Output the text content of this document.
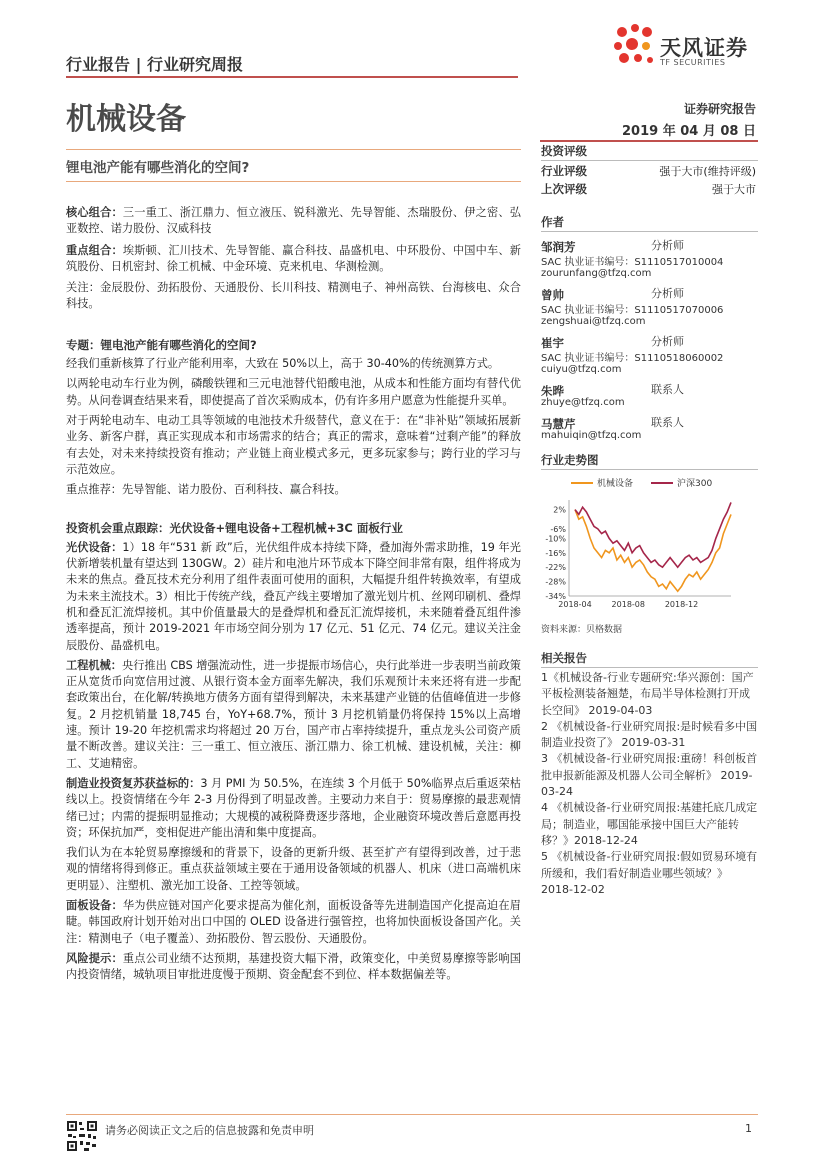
行业报告 | 行业研究周报
天风证券
TF SECURITIES
机械设备	证券研究报告
2019 年 04 月 08 日
锂电池产能有哪些消化的空间?

核心组合：三一重工、浙江鼎力、恒立液压、锐科激光、先导智能、杰瑞股份、伊之密、弘亚数控、诺力股份、汉威科技

重点组合：埃斯顿、汇川技术、先导智能、赢合科技、晶盛机电、中环股份、中国中车、新筑股份、日机密封、徐工机械、中金环境、克来机电、华测检测。

关注：金辰股份、劲拓股份、天通股份、长川科技、精测电子、神州高铁、台海核电、众合科技。

专题：锂电池产能有哪些消化的空间?

经我们重新核算了行业产能利用率，大致在 50%以上，高于 30-40%的传统测算方式。

以两轮电动车行业为例，磷酸铁锂和三元电池替代铅酸电池，从成本和性能方面均有替代优势。从问卷调查结果来看，即使提高了首次采购成本，仍有许多用户愿意为性能提升买单。

对于两轮电动车、电动工具等领域的电池技术升级替代，意义在于：在“非补贴”领域拓展新业务、新客户群，真正实现成本和市场需求的结合；真正的需求，意味着“过剩产能”的释放有去处，对未来持续投资有推动；产业链上商业模式多元，更多玩家参与；跨行业的学习与示范效应。

重点推荐：先导智能、诺力股份、百利科技、赢合科技。

投资机会重点跟踪：光伏设备+锂电设备+工程机械+3C 面板行业

光伏设备：1）18 年“531 新 政”后，光伏组件成本持续下降，叠加海外需求助推，19 年光伏新增装机量有望达到 130GW。2）硅片和电池片环节成本下降空间非常有限，组件将成为未来的焦点。叠瓦技术充分利用了组件表面可使用的面积，大幅提升组件转换效率，有望成为未来主流技术。3）相比于传统产线，叠瓦产线主要增加了激光划片机、丝网印刷机、叠焊机和叠瓦汇流焊接机。其中价值量最大的是叠焊机和叠瓦汇流焊接机，未来随着叠瓦组件渗透率提高，预计 2019-2021 年市场空间分别为 17 亿元、51 亿元、74 亿元。建议关注金辰股份、晶盛机电。

工程机械：央行推出 CBS 增强流动性，进一步提振市场信心，央行此举进一步表明当前政策正从宽货币向宽信用过渡、从银行资本金方面率先解决，我们乐观预计未来还将有进一步配套政策出台，在化解/转换地方债务方面有望得到解决，未来基建产业链的估值峰值进一步修复。2 月挖机销量 18,745 台，YoY+68.7%，预计 3 月挖机销量仍将保持 15%以上高增速。预计 19-20 年挖机需求均将超过 20 万台，国产市占率持续提升，重点龙头公司资产质量不断改善。建议关注：三一重工、恒立液压、浙江鼎力、徐工机械、建设机械，关注：柳工、艾迪精密。

制造业投资复苏获益标的：3 月 PMI 为 50.5%，在连续 3 个月低于 50%临界点后重返荣枯线以上。投资情绪在今年 2-3 月份得到了明显改善。主要动力来自于：贸易摩擦的最悲观情绪已过；内需的提振明显推动；大规模的减税降费逐步落地，企业融资环境改善后意愿再投资；环保抗加严，变相促进产能出清和集中度提高。

我们认为在本轮贸易摩擦缓和的背景下，设备的更新升级、甚至扩产有望得到改善，过于悲观的情绪将得到修正。重点获益领域主要在于通用设备领域的机器人、机床（进口高端机床更明显）、注塑机、激光加工设备、工控等领域。

面板设备：华为供应链对国产化要求提高为催化剂，面板设备等先进制造国产化提高迫在眉睫。韩国政府计划开始对出口中国的 OLED 设备进行强管控，也将加快面板设备国产化。关注：精测电子（电子覆盖）、劲拓股份、智云股份、天通股份。

风险提示：重点公司业绩不达预期，基建投资大幅下滑，政策变化，中美贸易摩擦等影响国内投资情绪，城轨项目审批进度慢于预期、资金配套不到位、样本数据偏差等。

投资评级
行业评级	强于大市(维持评级)
上次评级	强于大市
作者
邹润芳	分析师
SAC 执业证书编号：S1110517010004
zourunfang@tfzq.com
曾帅	分析师
SAC 执业证书编号：S1110517070006
zengshuai@tfzq.com
崔宇	分析师
SAC 执业证书编号：S1110518060002
cuiyu@tfzq.com
朱晔	联系人
zhuye@tfzq.com
马慧芹	联系人
mahuiqin@tfzq.com
行业走势图
机械设备	沪深300
2%
-6%
-10%
-16%
-22%
-28%
-34%
2018-04 2018-08 2018-12
资料来源：贝格数据
相关报告

1《机械设备-行业专题研究:华兴源创：国产平板检测装备翘楚，布局半导体检测打开成长空间》 2019-04-03

2 《机械设备-行业研究周报:是时候看多中国制造业投资了》 2019-03-31

3 《机械设备-行业研究周报:重磅！科创板首批申报新能源及机器人公司全解析》 2019-03-24

4 《机械设备-行业研究周报:基建托底几成定局；制造业，哪国能承接中国巨大产能转移？》2018-12-24

5 《机械设备-行业研究周报:假如贸易环境有所缓和，我们看好制造业哪些领域？》2018-12-02

请务必阅读正文之后的信息披露和免责申明	1
